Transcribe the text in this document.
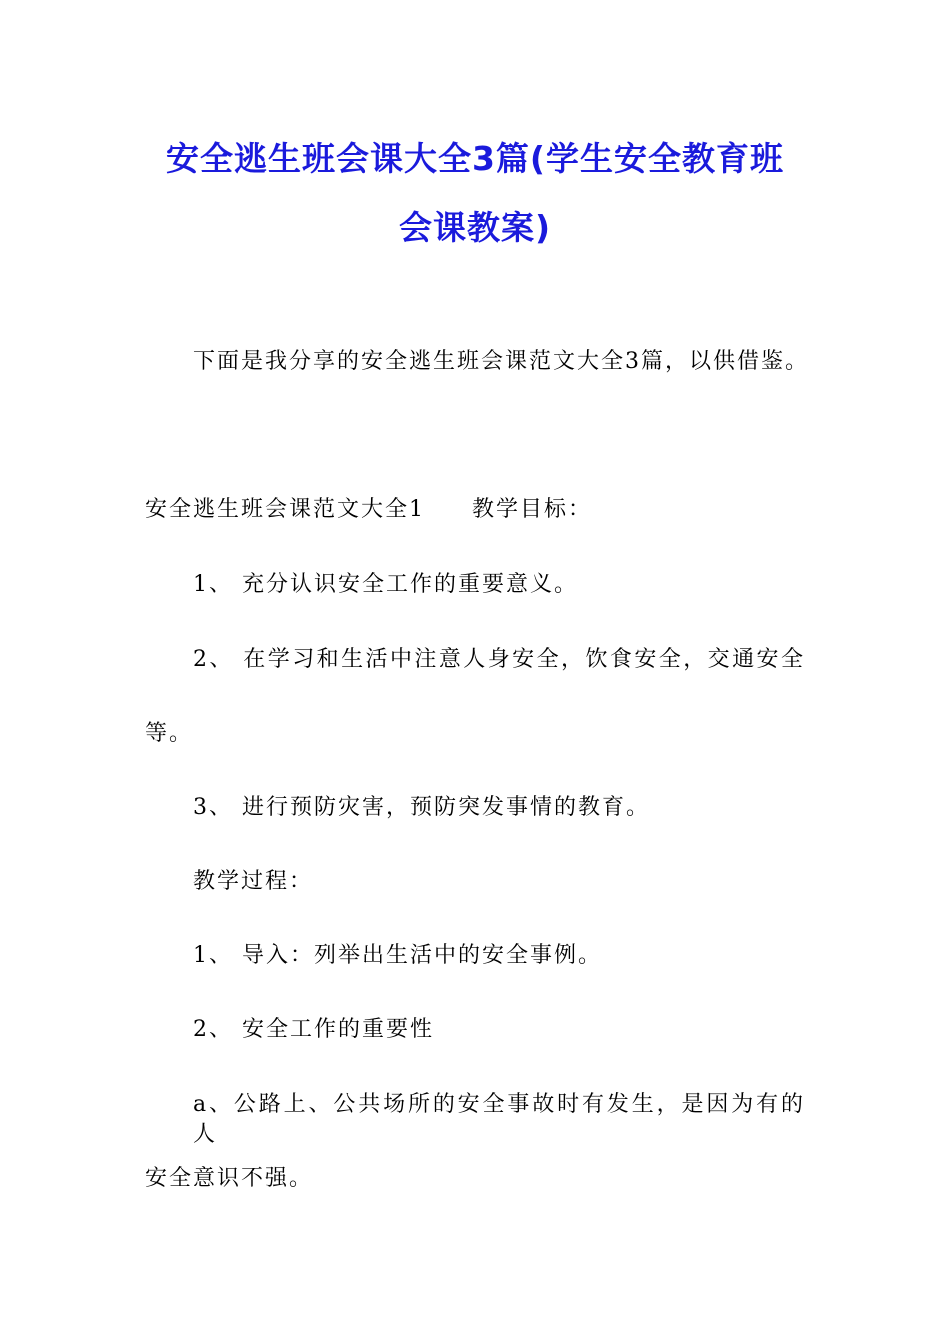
安全逃生班会课大全3篇(学生安全教育班
会课教案)
下面是我分享的安全逃生班会课范文大全3篇，以供借鉴。
安全逃生班会课范文大全1 教学目标：
1、 充分认识安全工作的重要意义。
2、 在学习和生活中注意人身安全，饮食安全，交通安全
等。
3、 进行预防灾害，预防突发事情的教育。
教学过程：
1、 导入：列举出生活中的安全事例。
2、 安全工作的重要性
a、公路上、公共场所的安全事故时有发生，是因为有的人
安全意识不强。
